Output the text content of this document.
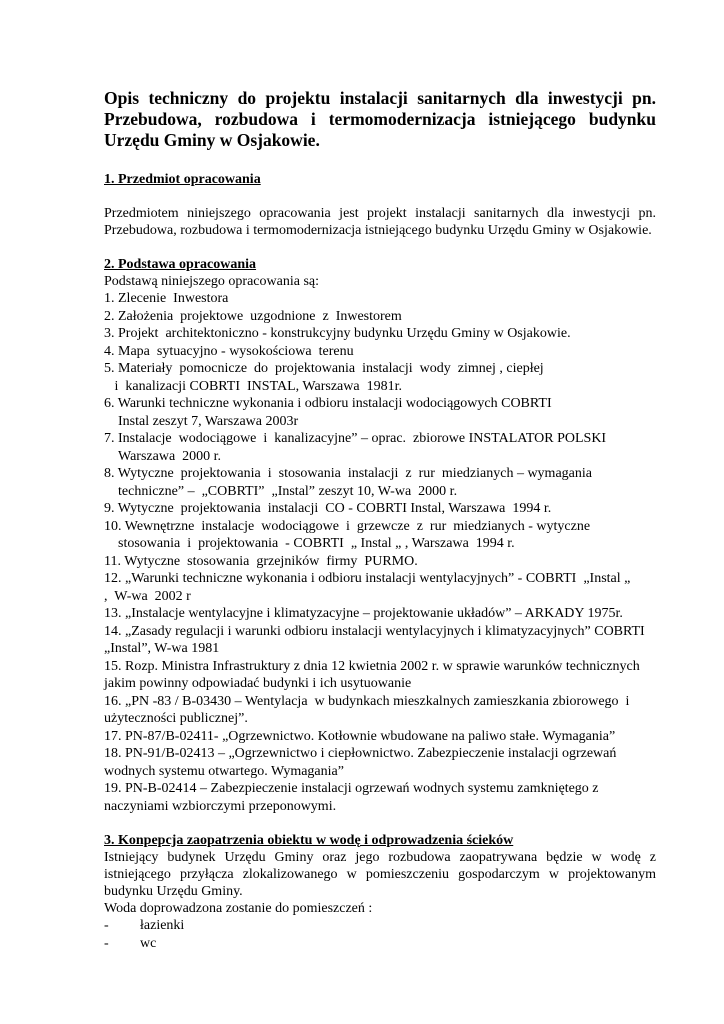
Opis techniczny do projektu instalacji sanitarnych dla inwestycji pn. Przebudowa, rozbudowa i termomodernizacja istniejącego budynku Urzędu Gminy w Osjakowie.

1. Przedmiot opracowania

Przedmiotem niniejszego opracowania jest projekt instalacji sanitarnych dla inwestycji pn. Przebudowa, rozbudowa i termomodernizacja istniejącego budynku Urzędu Gminy w Osjakowie.

2. Podstawa opracowania

Podstawą niniejszego opracowania są:

1. Zlecenie  Inwestora
2. Założenia  projektowe  uzgodnione  z  Inwestorem
3. Projekt  architektoniczno - konstrukcyjny budynku Urzędu Gminy w Osjakowie.
4. Mapa  sytuacyjno - wysokościowa  terenu
5. Materiały  pomocnicze  do  projektowania  instalacji  wody  zimnej , ciepłej
i  kanalizacji COBRTI  INSTAL, Warszawa  1981r.
6. Warunki techniczne wykonania i odbioru instalacji wodociągowych COBRTI
Instal zeszyt 7, Warszawa 2003r
7. Instalacje  wodociągowe  i  kanalizacyjne” – oprac.  zbiorowe INSTALATOR POLSKI
Warszawa  2000 r.
8. Wytyczne  projektowania  i  stosowania  instalacji  z  rur  miedzianych – wymagania
techniczne” –  „COBRTI”  „Instal” zeszyt 10, W-wa  2000 r.
9. Wytyczne  projektowania  instalacji  CO - COBRTI Instal, Warszawa  1994 r.
10. Wewnętrzne  instalacje  wodociągowe  i  grzewcze  z  rur  miedzianych - wytyczne
stosowania  i  projektowania  - COBRTI  „ Instal „ , Warszawa  1994 r.
11. Wytyczne  stosowania  grzejników  firmy  PURMO.
12. „Warunki techniczne wykonania i odbioru instalacji wentylacyjnych” - COBRTI  „Instal „
,  W-wa  2002 r
13. „Instalacje wentylacyjne i klimatyzacyjne – projektowanie układów” – ARKADY 1975r.
14. „Zasady regulacji i warunki odbioru instalacji wentylacyjnych i klimatyzacyjnych” COBRTI „Instal”, W-wa 1981
15. Rozp. Ministra Infrastruktury z dnia 12 kwietnia 2002 r. w sprawie warunków technicznych jakim powinny odpowiadać budynki i ich usytuowanie
16. „PN -83 / B-03430 – Wentylacja  w budynkach mieszkalnych zamieszkania zbiorowego  i użyteczności publicznej”.
17. PN-87/B-02411- „Ogrzewnictwo. Kotłownie wbudowane na paliwo stałe. Wymagania”
18. PN-91/B-02413 – „Ogrzewnictwo i ciepłownictwo. Zabezpieczenie instalacji ogrzewań wodnych systemu otwartego. Wymagania”
19. PN-B-02414 – Zabezpieczenie instalacji ogrzewań wodnych systemu zamkniętego z naczyniami wzbiorczymi przeponowymi.

3. Konpepcja zaopatrzenia obiektu w wodę i odprowadzenia ścieków

Istniejący budynek Urzędu Gminy oraz jego rozbudowa zaopatrywana będzie w wodę z istniejącego przyłącza zlokalizowanego w pomieszczeniu gospodarczym w projektowanym budynku Urzędu Gminy.

Woda doprowadzona zostanie do pomieszczeń :

-	łazienki
-	wc
